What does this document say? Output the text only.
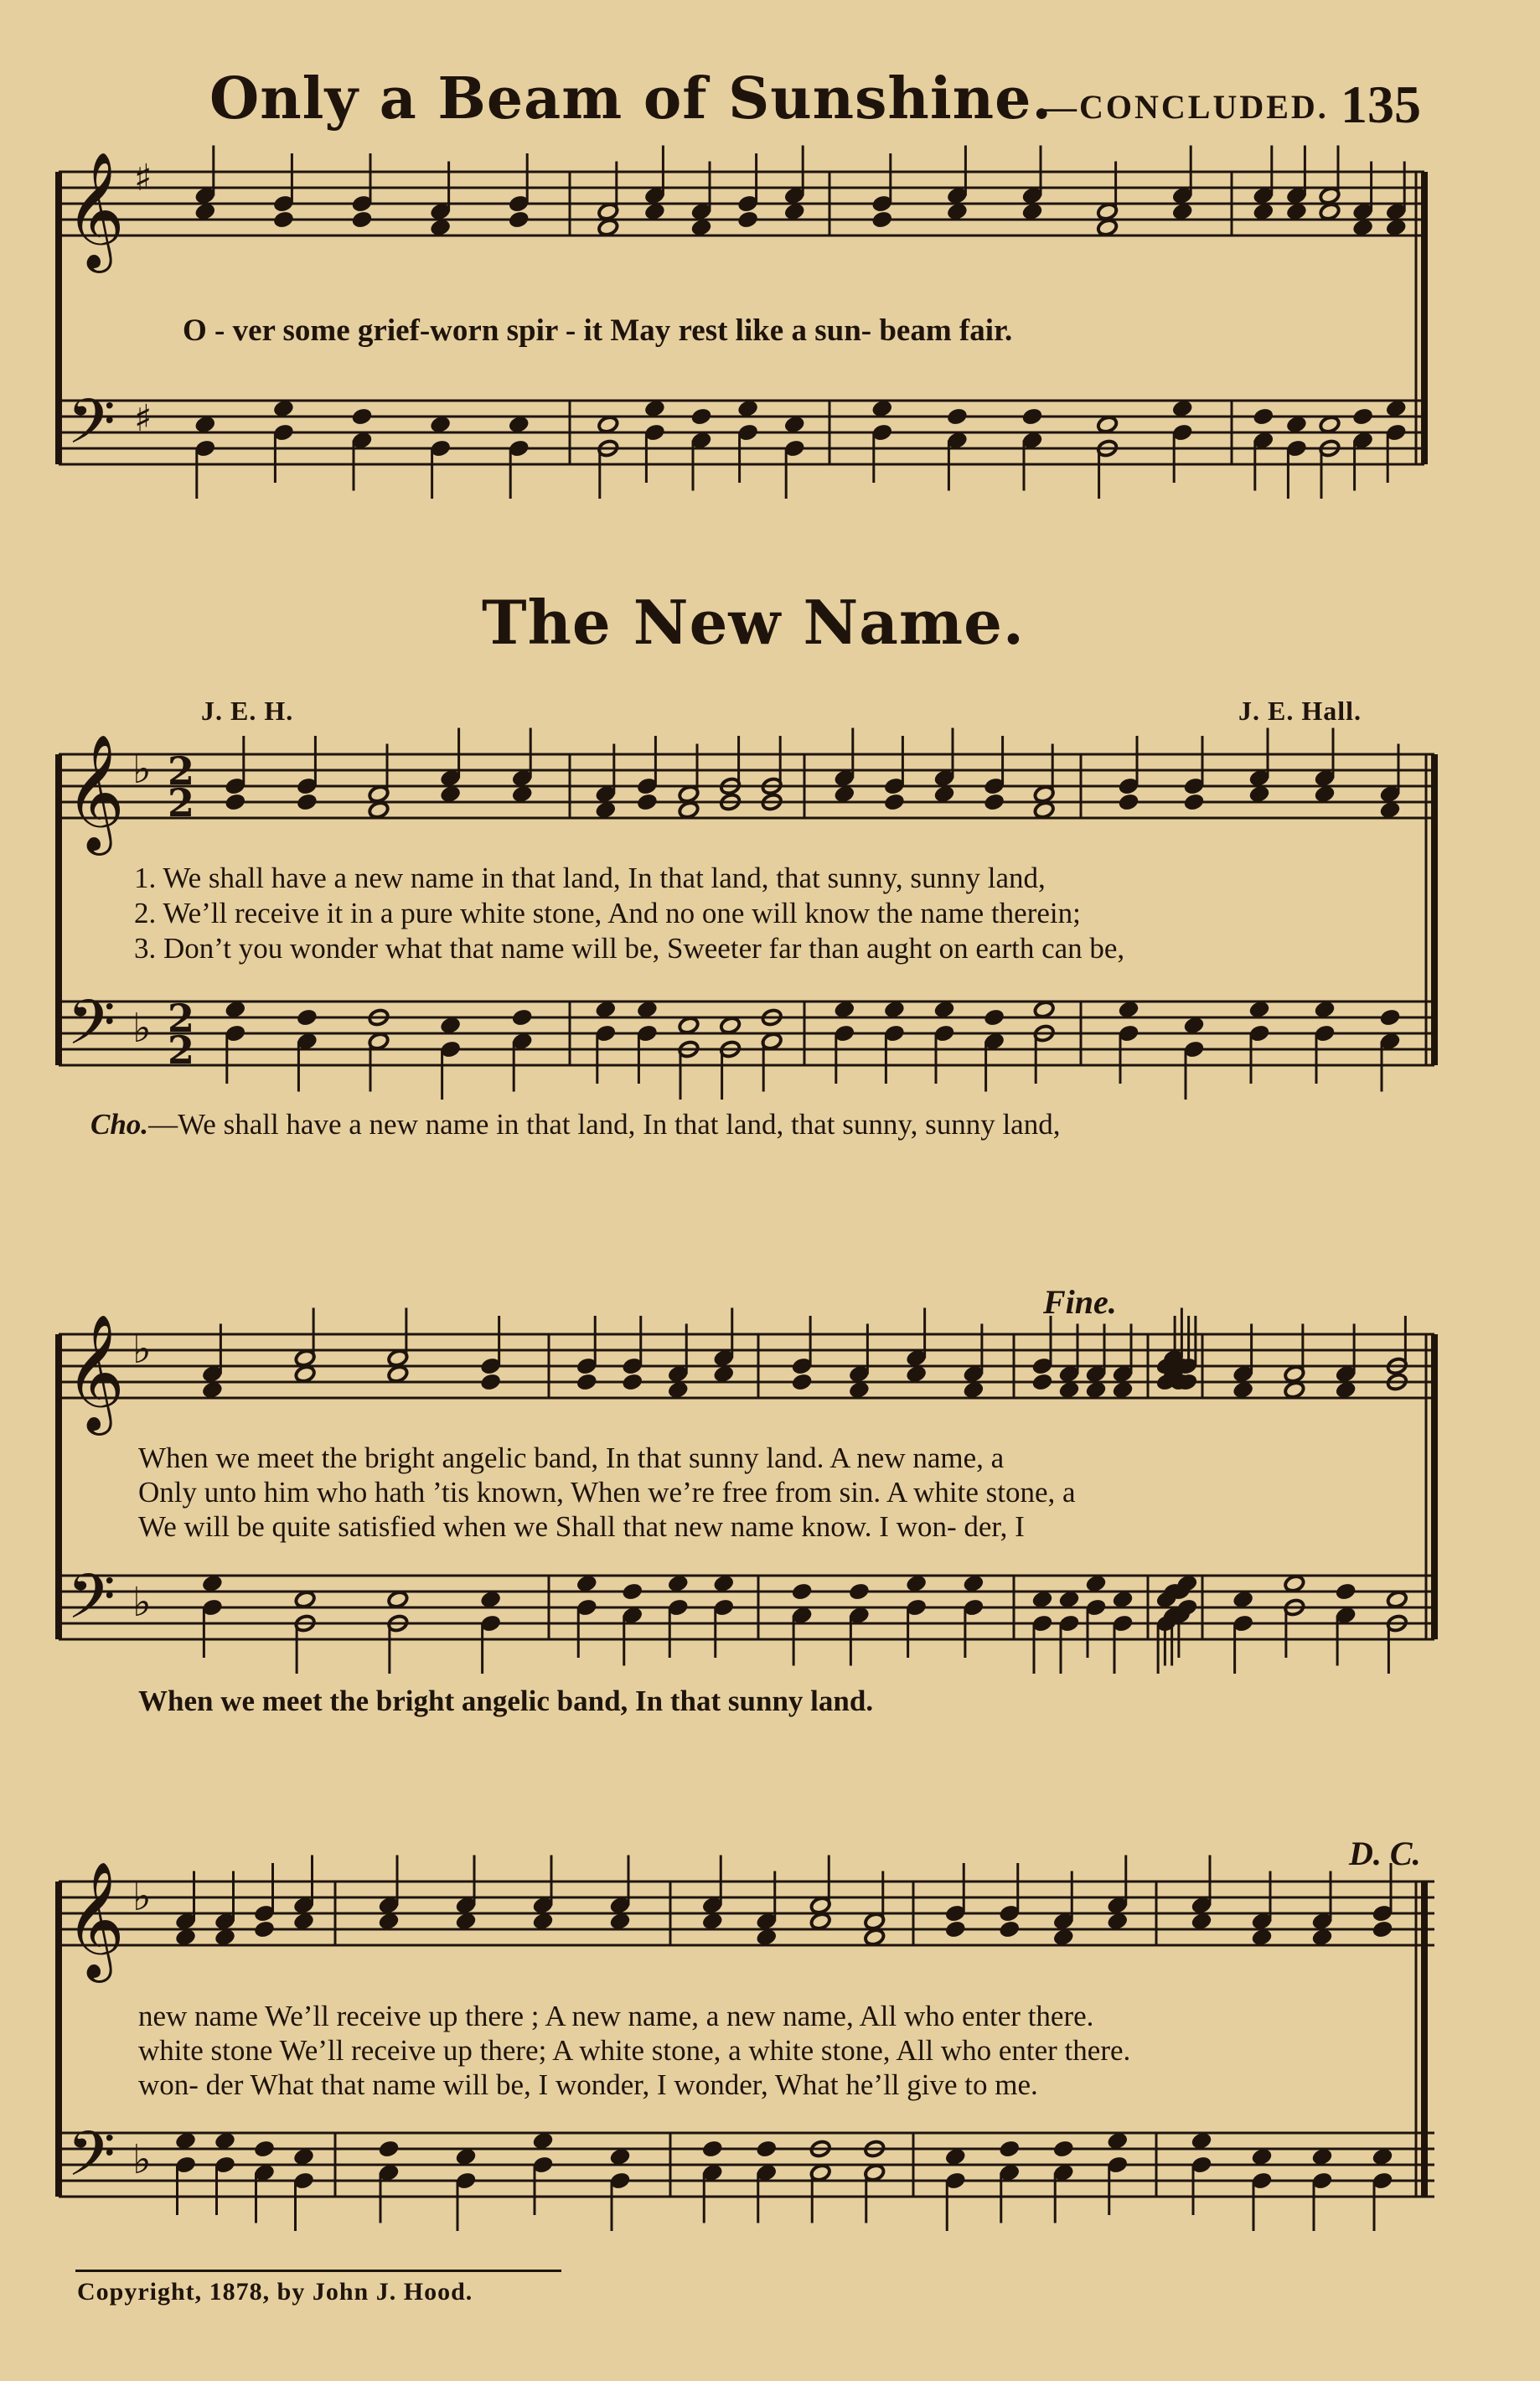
Only a Beam of Sunshine.
—CONCLUDED. 135
𝄞
𝄢
♯
♯
𝄞
𝄢
♭
♭
2
2
2
2
𝄞
𝄢
♭
♭
𝄞
𝄢
♭
♭
O - ver some grief-worn spir - it May rest like a sun- beam fair.
The New Name.
J. E. H.	J. E. Hall.
1. We shall have a new name in that land, In that land, that sunny, sunny land,
2. We’ll receive it in a pure white stone, And no one will know the name therein;
3. Don’t you wonder what that name will be, Sweeter far than aught on earth can be,
Cho.—We shall have a new name in that land, In that land, that sunny, sunny land,
Fine.
When we meet the bright angelic band, In that sunny land. A new name, a
Only unto him who hath ’tis known, When we’re free from sin. A white stone, a
We will be quite satisfied when we Shall that new name know. I won- der, I
When we meet the bright angelic band, In that sunny land.
D. C.
new name We’ll receive up there ; A new name, a new name, All who enter there.
white stone We’ll receive up there; A white stone, a white stone, All who enter there.
won- der What that name will be, I wonder, I wonder, What he’ll give to me.
Copyright, 1878, by John J. Hood.
